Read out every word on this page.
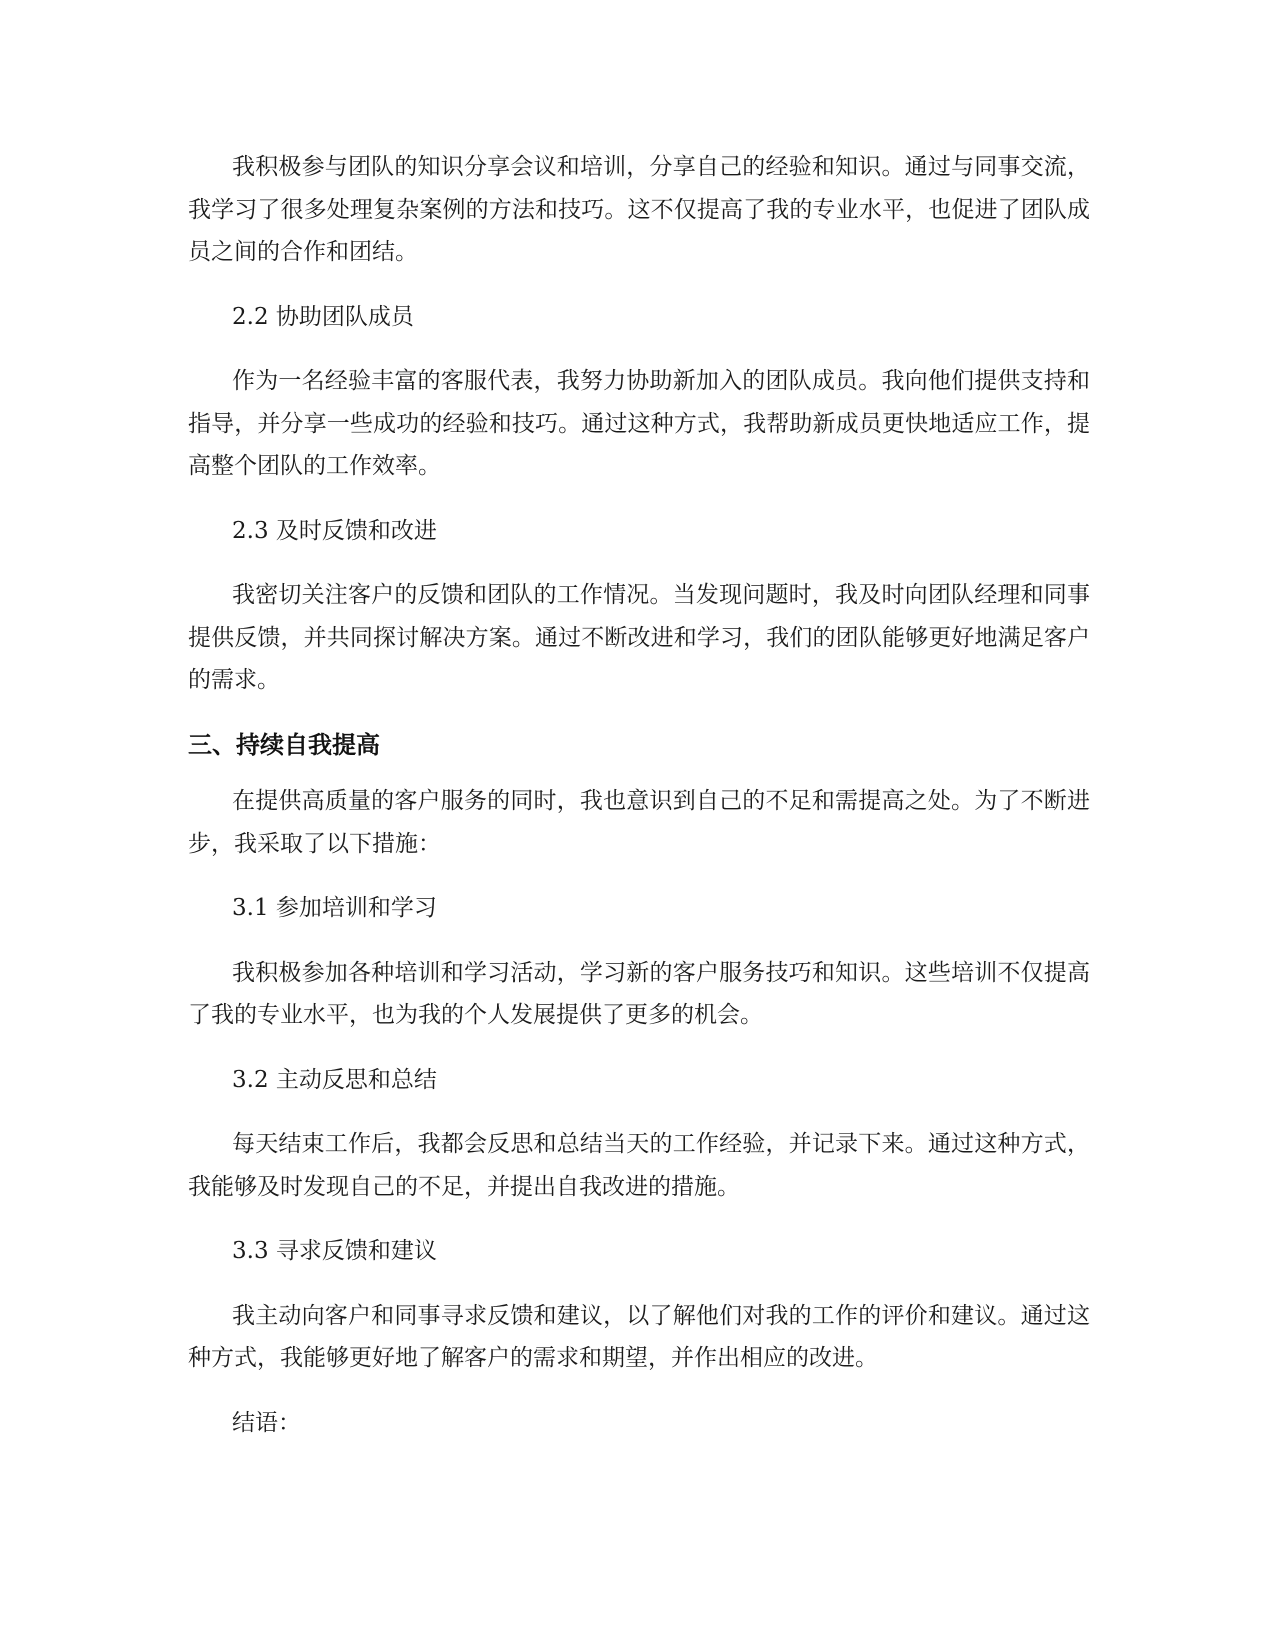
我积极参与团队的知识分享会议和培训，分享自己的经验和知识。通过与同事交流，我学习了很多处理复杂案例的方法和技巧。这不仅提高了我的专业水平，也促进了团队成员之间的合作和团结。

2.2 协助团队成员

作为一名经验丰富的客服代表，我努力协助新加入的团队成员。我向他们提供支持和指导，并分享一些成功的经验和技巧。通过这种方式，我帮助新成员更快地适应工作，提高整个团队的工作效率。

2.3 及时反馈和改进

我密切关注客户的反馈和团队的工作情况。当发现问题时，我及时向团队经理和同事提供反馈，并共同探讨解决方案。通过不断改进和学习，我们的团队能够更好地满足客户的需求。

三、持续自我提高

在提供高质量的客户服务的同时，我也意识到自己的不足和需提高之处。为了不断进步，我采取了以下措施：

3.1 参加培训和学习

我积极参加各种培训和学习活动，学习新的客户服务技巧和知识。这些培训不仅提高了我的专业水平，也为我的个人发展提供了更多的机会。

3.2 主动反思和总结

每天结束工作后，我都会反思和总结当天的工作经验，并记录下来。通过这种方式，我能够及时发现自己的不足，并提出自我改进的措施。

3.3 寻求反馈和建议

我主动向客户和同事寻求反馈和建议，以了解他们对我的工作的评价和建议。通过这种方式，我能够更好地了解客户的需求和期望，并作出相应的改进。

结语：
